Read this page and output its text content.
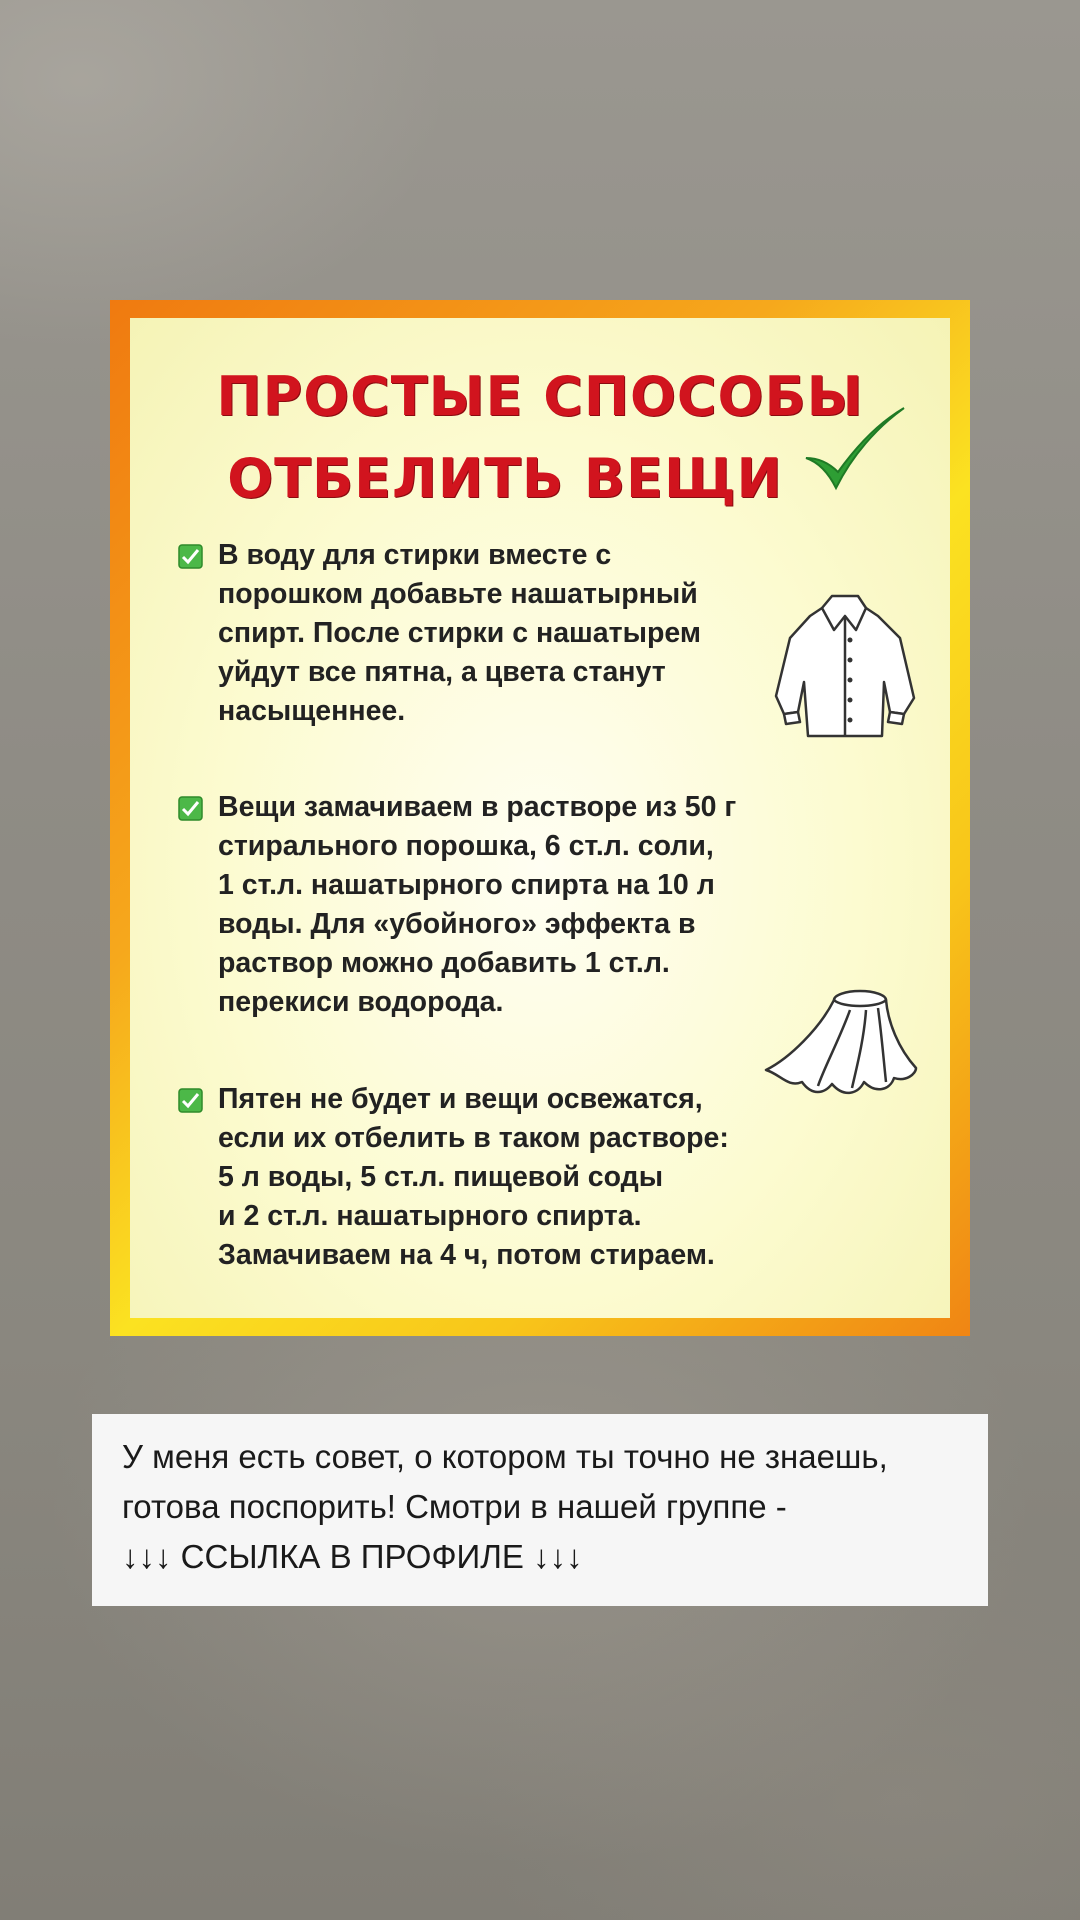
ПРОСТЫЕ СПОСОБЫ
ОТБЕЛИТЬ ВЕЩИ
В воду для стирки вместе с
порошком добавьте нашатырный
спирт. После стирки с нашатырем
уйдут все пятна, а цвета станут
насыщеннее.
Вещи замачиваем в растворе из 50 г
стирального порошка, 6 ст.л. соли,
1 ст.л. нашатырного спирта на 10 л
воды. Для «убойного» эффекта в
раствор можно добавить 1 ст.л.
перекиси водорода.
Пятен не будет и вещи освежатся,
если их отбелить в таком растворе:
5 л воды, 5 ст.л. пищевой соды
и 2 ст.л. нашатырного спирта.
Замачиваем на 4 ч, потом стираем.
У меня есть совет, о котором ты точно не знаешь,
готова поспорить! Смотри в нашей группе -
↓↓↓ ССЫЛКА В ПРОФИЛЕ ↓↓↓
